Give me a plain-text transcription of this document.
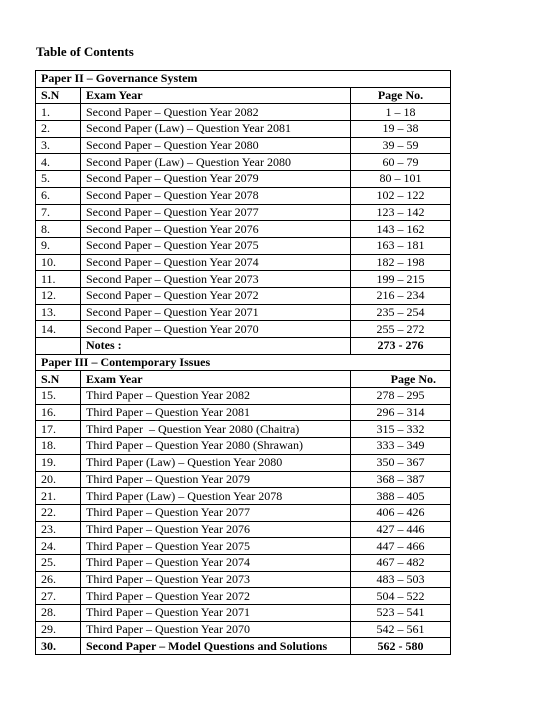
Table of Contents
Paper II – Governance System		
S.N	Exam Year	Page No.
1.	Second Paper – Question Year 2082	1 – 18
2.	Second Paper (Law) – Question Year 2081	19 – 38
3.	Second Paper – Question Year 2080	39 – 59
4.	Second Paper (Law) – Question Year 2080	60 – 79
5.	Second Paper – Question Year 2079	80 – 101
6.	Second Paper – Question Year 2078	102 – 122
7.	Second Paper – Question Year 2077	123 – 142
8.	Second Paper – Question Year 2076	143 – 162
9.	Second Paper – Question Year 2075	163 – 181
10.	Second Paper – Question Year 2074	182 – 198
11.	Second Paper – Question Year 2073	199 – 215
12.	Second Paper – Question Year 2072	216 – 234
13.	Second Paper – Question Year 2071	235 – 254
14.	Second Paper – Question Year 2070	255 – 272
	Notes :	273 - 276
Paper III – Contemporary Issues		
S.N	Exam Year	Page No.
15.	Third Paper – Question Year 2082	278 – 295
16.	Third Paper – Question Year 2081	296 – 314
17.	Third Paper  – Question Year 2080 (Chaitra)	315 – 332
18.	Third Paper – Question Year 2080 (Shrawan)	333 – 349
19.	Third Paper (Law) – Question Year 2080	350 – 367
20.	Third Paper – Question Year 2079	368 – 387
21.	Third Paper (Law) – Question Year 2078	388 – 405
22.	Third Paper – Question Year 2077	406 – 426
23.	Third Paper – Question Year 2076	427 – 446
24.	Third Paper – Question Year 2075	447 – 466
25.	Third Paper – Question Year 2074	467 – 482
26.	Third Paper – Question Year 2073	483 – 503
27.	Third Paper – Question Year 2072	504 – 522
28.	Third Paper – Question Year 2071	523 – 541
29.	Third Paper – Question Year 2070	542 – 561
30.	Second Paper – Model Questions and Solutions	562 - 580
